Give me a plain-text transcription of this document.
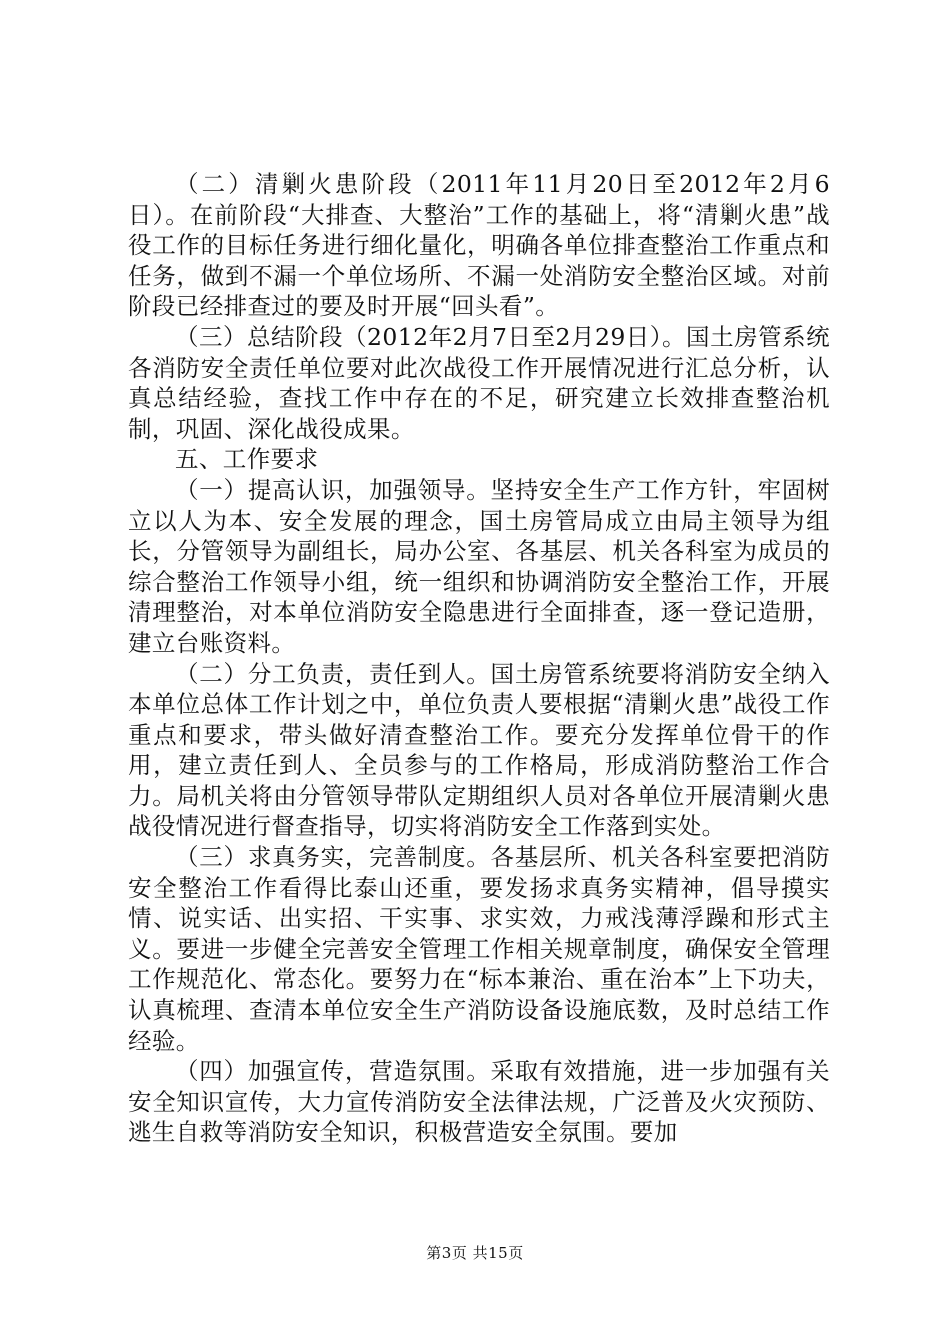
（二）清剿火患阶段（2011年11月20日至2012年2月6日）。在前阶段“大排查、大整治”工作的基础上，将“清剿火患”战役工作的目标任务进行细化量化，明确各单位排查整治工作重点和任务，做到不漏一个单位场所、不漏一处消防安全整治区域。对前阶段已经排查过的要及时开展“回头看”。

（三）总结阶段（2012年2月7日至2月29日）。国土房管系统各消防安全责任单位要对此次战役工作开展情况进行汇总分析，认真总结经验，查找工作中存在的不足，研究建立长效排查整治机制，巩固、深化战役成果。

五、工作要求

（一）提高认识，加强领导。坚持安全生产工作方针，牢固树立以人为本、安全发展的理念，国土房管局成立由局主领导为组长，分管领导为副组长，局办公室、各基层、机关各科室为成员的综合整治工作领导小组，统一组织和协调消防安全整治工作，开展清理整治，对本单位消防安全隐患进行全面排查，逐一登记造册，建立台账资料。

（二）分工负责，责任到人。国土房管系统要将消防安全纳入本单位总体工作计划之中，单位负责人要根据“清剿火患”战役工作重点和要求，带头做好清查整治工作。要充分发挥单位骨干的作用，建立责任到人、全员参与的工作格局，形成消防整治工作合力。局机关将由分管领导带队定期组织人员对各单位开展清剿火患战役情况进行督查指导，切实将消防安全工作落到实处。

（三）求真务实，完善制度。各基层所、机关各科室要把消防安全整治工作看得比泰山还重，要发扬求真务实精神，倡导摸实情、说实话、出实招、干实事、求实效，力戒浅薄浮躁和形式主义。要进一步健全完善安全管理工作相关规章制度，确保安全管理工作规范化、常态化。要努力在“标本兼治、重在治本”上下功夫，认真梳理、查清本单位安全生产消防设备设施底数，及时总结工作经验。

（四）加强宣传，营造氛围。采取有效措施，进一步加强有关安全知识宣传，大力宣传消防安全法律法规，广泛普及火灾预防、逃生自救等消防安全知识，积极营造安全氛围。要加

第3页 共15页
